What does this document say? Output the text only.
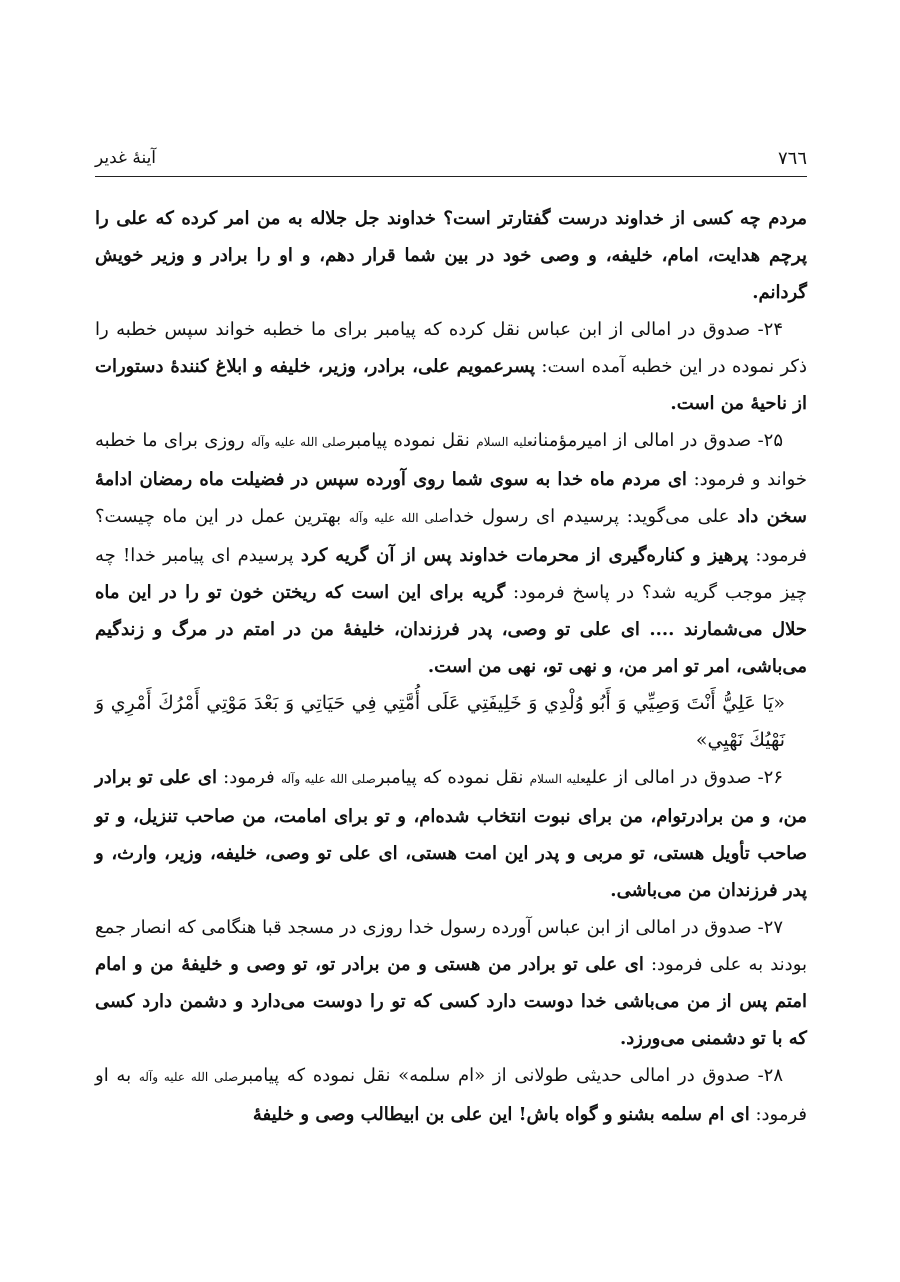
٧٦٦
آینۀ غدیر

مردم چه کسی از خداوند درست گفتارتر است؟ خداوند جل جلاله به من امر کرده که علی را پرچم هدایت، امام، خلیفه، و وصی خود در بین شما قرار دهم، و او را برادر و وزیر خویش گردانم.

۲۴- صدوق در امالی از ابن عباس نقل کرده که پیامبر برای ما خطبه خواند سپس خطبه را ذکر نموده در این خطبه آمده است: پسرعمویم علی، برادر، وزیر، خلیفه و ابلاغ کنندۀ دستورات از ناحیۀ من است.

۲۵- صدوق در امالی از امیرمؤمنانعلیه السلام نقل نموده پیامبرصلی الله علیه وآله روزی برای ما خطبه خواند و فرمود: ای مردم ماه خدا به سوی شما روی آورده سپس در فضیلت ماه رمضان ادامۀ سخن داد علی می‌گوید: پرسیدم ای رسول خداصلی الله علیه وآله بهترین عمل در این ماه چیست؟ فرمود: پرهیز و کناره‌گیری از محرمات خداوند پس از آن گریه کرد پرسیدم ای پیامبر خدا! چه چیز موجب گریه شد؟ در پاسخ فرمود: گریه برای این است که ریختن خون تو را در این ماه حلال می‌شمارند .... ای علی تو وصی، پدر فرزندان، خلیفۀ من در امتم در مرگ و زندگیم می‌باشی، امر تو امر من، و نهی تو، نهی من است.

«يَا عَلِيُّ أَنْتَ وَصِيِّي وَ أَبُو وُلْدِي وَ خَلِيفَتِي عَلَى أُمَّتِي فِي حَيَاتِي وَ بَعْدَ مَوْتِي أَمْرُكَ أَمْرِي وَ نَهْيُكَ نَهْيِي»

۲۶- صدوق در امالی از علیعلیه السلام نقل نموده که پیامبرصلی الله علیه وآله فرمود: ای علی تو برادر من، و من برادرتوام، من برای نبوت انتخاب شده‌ام، و تو برای امامت، من صاحب تنزیل، و تو صاحب تأویل هستی، تو مربی و پدر این امت هستی، ای علی تو وصی، خلیفه، وزیر، وارث، و پدر فرزندان من می‌باشی.

۲۷- صدوق در امالی از ابن عباس آورده رسول خدا روزی در مسجد قبا هنگامی که انصار جمع بودند به علی فرمود: ای علی تو برادر من هستی و من برادر تو، تو وصی و خلیفۀ من و امام امتم پس از من می‌باشی خدا دوست دارد کسی که تو را دوست می‌دارد و دشمن دارد کسی که با تو دشمنی می‌ورزد.

۲۸- صدوق در امالی حدیثی طولانی از «ام سلمه» نقل نموده که پیامبرصلی الله علیه وآله به او فرمود: ای ام سلمه بشنو و گواه باش! این علی بن ابیطالب وصی و خلیفۀ
